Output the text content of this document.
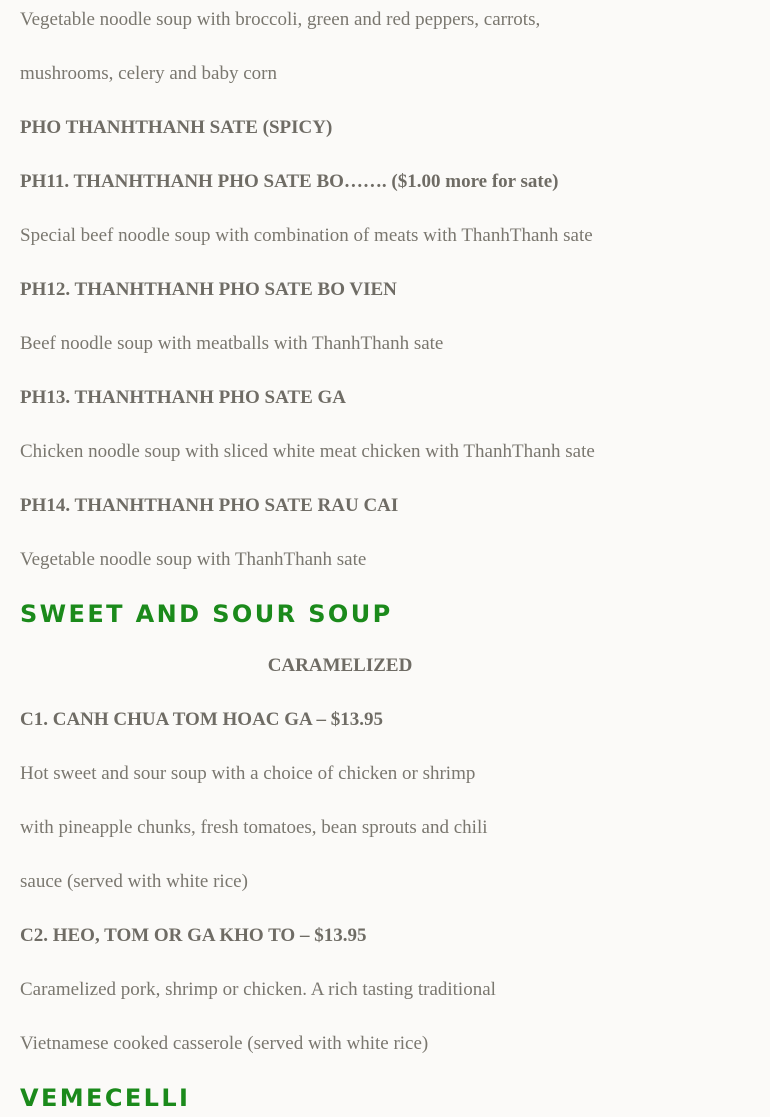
Vegetable noodle soup with broccoli, green and red peppers, carrots,
mushrooms, celery and baby corn
PHO THANHTHANH SATE (SPICY)
PH11. THANHTHANH PHO SATE BO……. ($1.00 more for sate)
Special beef noodle soup with combination of meats with ThanhThanh sate
PH12. THANHTHANH PHO SATE BO VIEN
Beef noodle soup with meatballs with ThanhThanh sate
PH13. THANHTHANH PHO SATE GA
Chicken noodle soup with sliced white meat chicken with ThanhThanh sate
PH14. THANHTHANH PHO SATE RAU CAI
Vegetable noodle soup with ThanhThanh sate
SWEET AND SOUR SOUP
CARAMELIZED
C1. CANH CHUA TOM HOAC GA – $13.95
Hot sweet and sour soup with a choice of chicken or shrimp
with pineapple chunks, fresh tomatoes, bean sprouts and chili
sauce (served with white rice)
C2. HEO, TOM OR GA KHO TO – $13.95
Caramelized pork, shrimp or chicken. A rich tasting traditional
Vietnamese cooked casserole (served with white rice)
VEMECELLI
